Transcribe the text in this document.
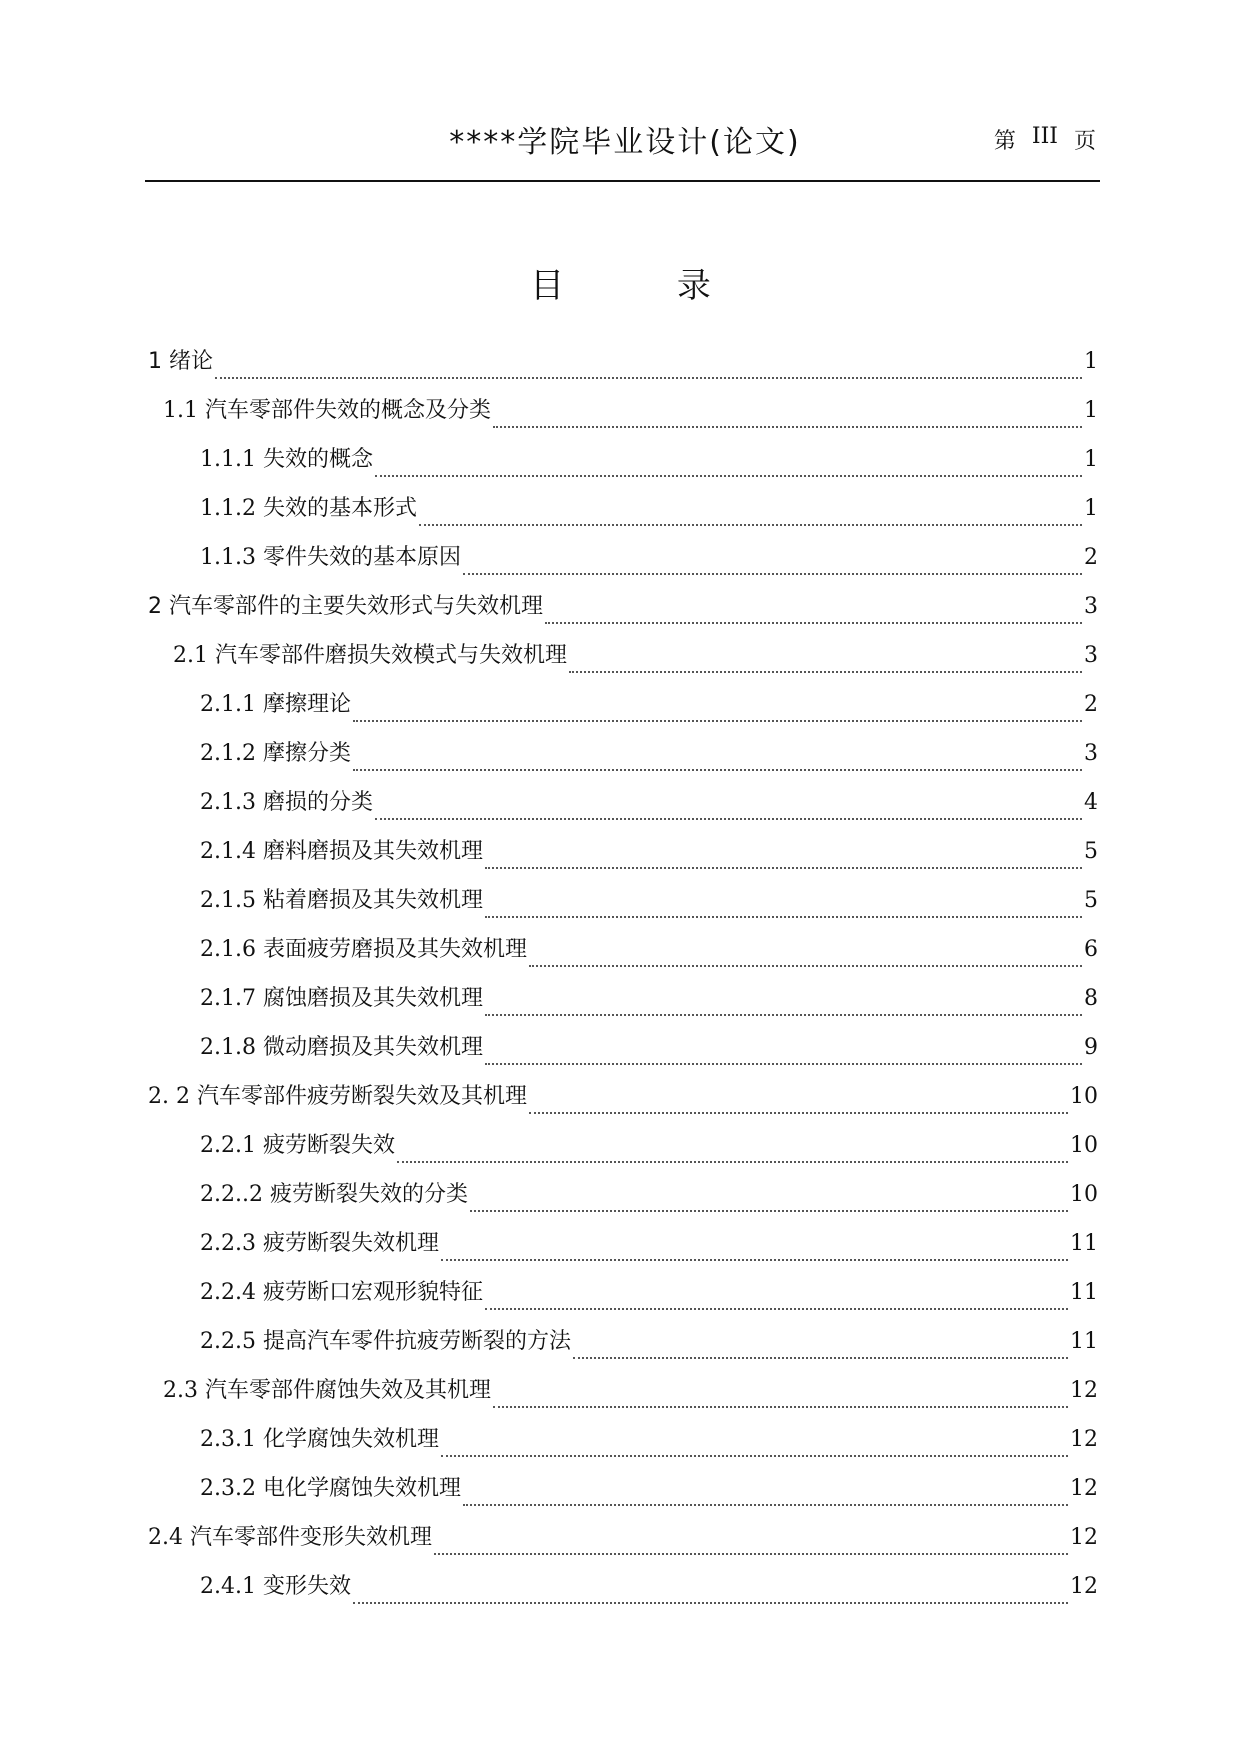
****学院毕业设计(论文)	第 III 页
目	录
1 绪论	1
1.1 汽车零部件失效的概念及分类	1
1.1.1 失效的概念	1
1.1.2 失效的基本形式	1
1.1.3 零件失效的基本原因	2
2 汽车零部件的主要失效形式与失效机理	3
2.1 汽车零部件磨损失效模式与失效机理	3
2.1.1 摩擦理论	2
2.1.2 摩擦分类	3
2.1.3 磨损的分类	4
2.1.4 磨料磨损及其失效机理	5
2.1.5 粘着磨损及其失效机理	5
2.1.6 表面疲劳磨损及其失效机理	6
2.1.7 腐蚀磨损及其失效机理	8
2.1.8 微动磨损及其失效机理	9
2. 2 汽车零部件疲劳断裂失效及其机理	10
2.2.1 疲劳断裂失效	10
2.2..2 疲劳断裂失效的分类	10
2.2.3 疲劳断裂失效机理	11
2.2.4 疲劳断口宏观形貌特征	11
2.2.5 提高汽车零件抗疲劳断裂的方法	11
2.3 汽车零部件腐蚀失效及其机理	12
2.3.1 化学腐蚀失效机理	12
2.3.2 电化学腐蚀失效机理	12
2.4 汽车零部件变形失效机理	12
2.4.1 变形失效	12
